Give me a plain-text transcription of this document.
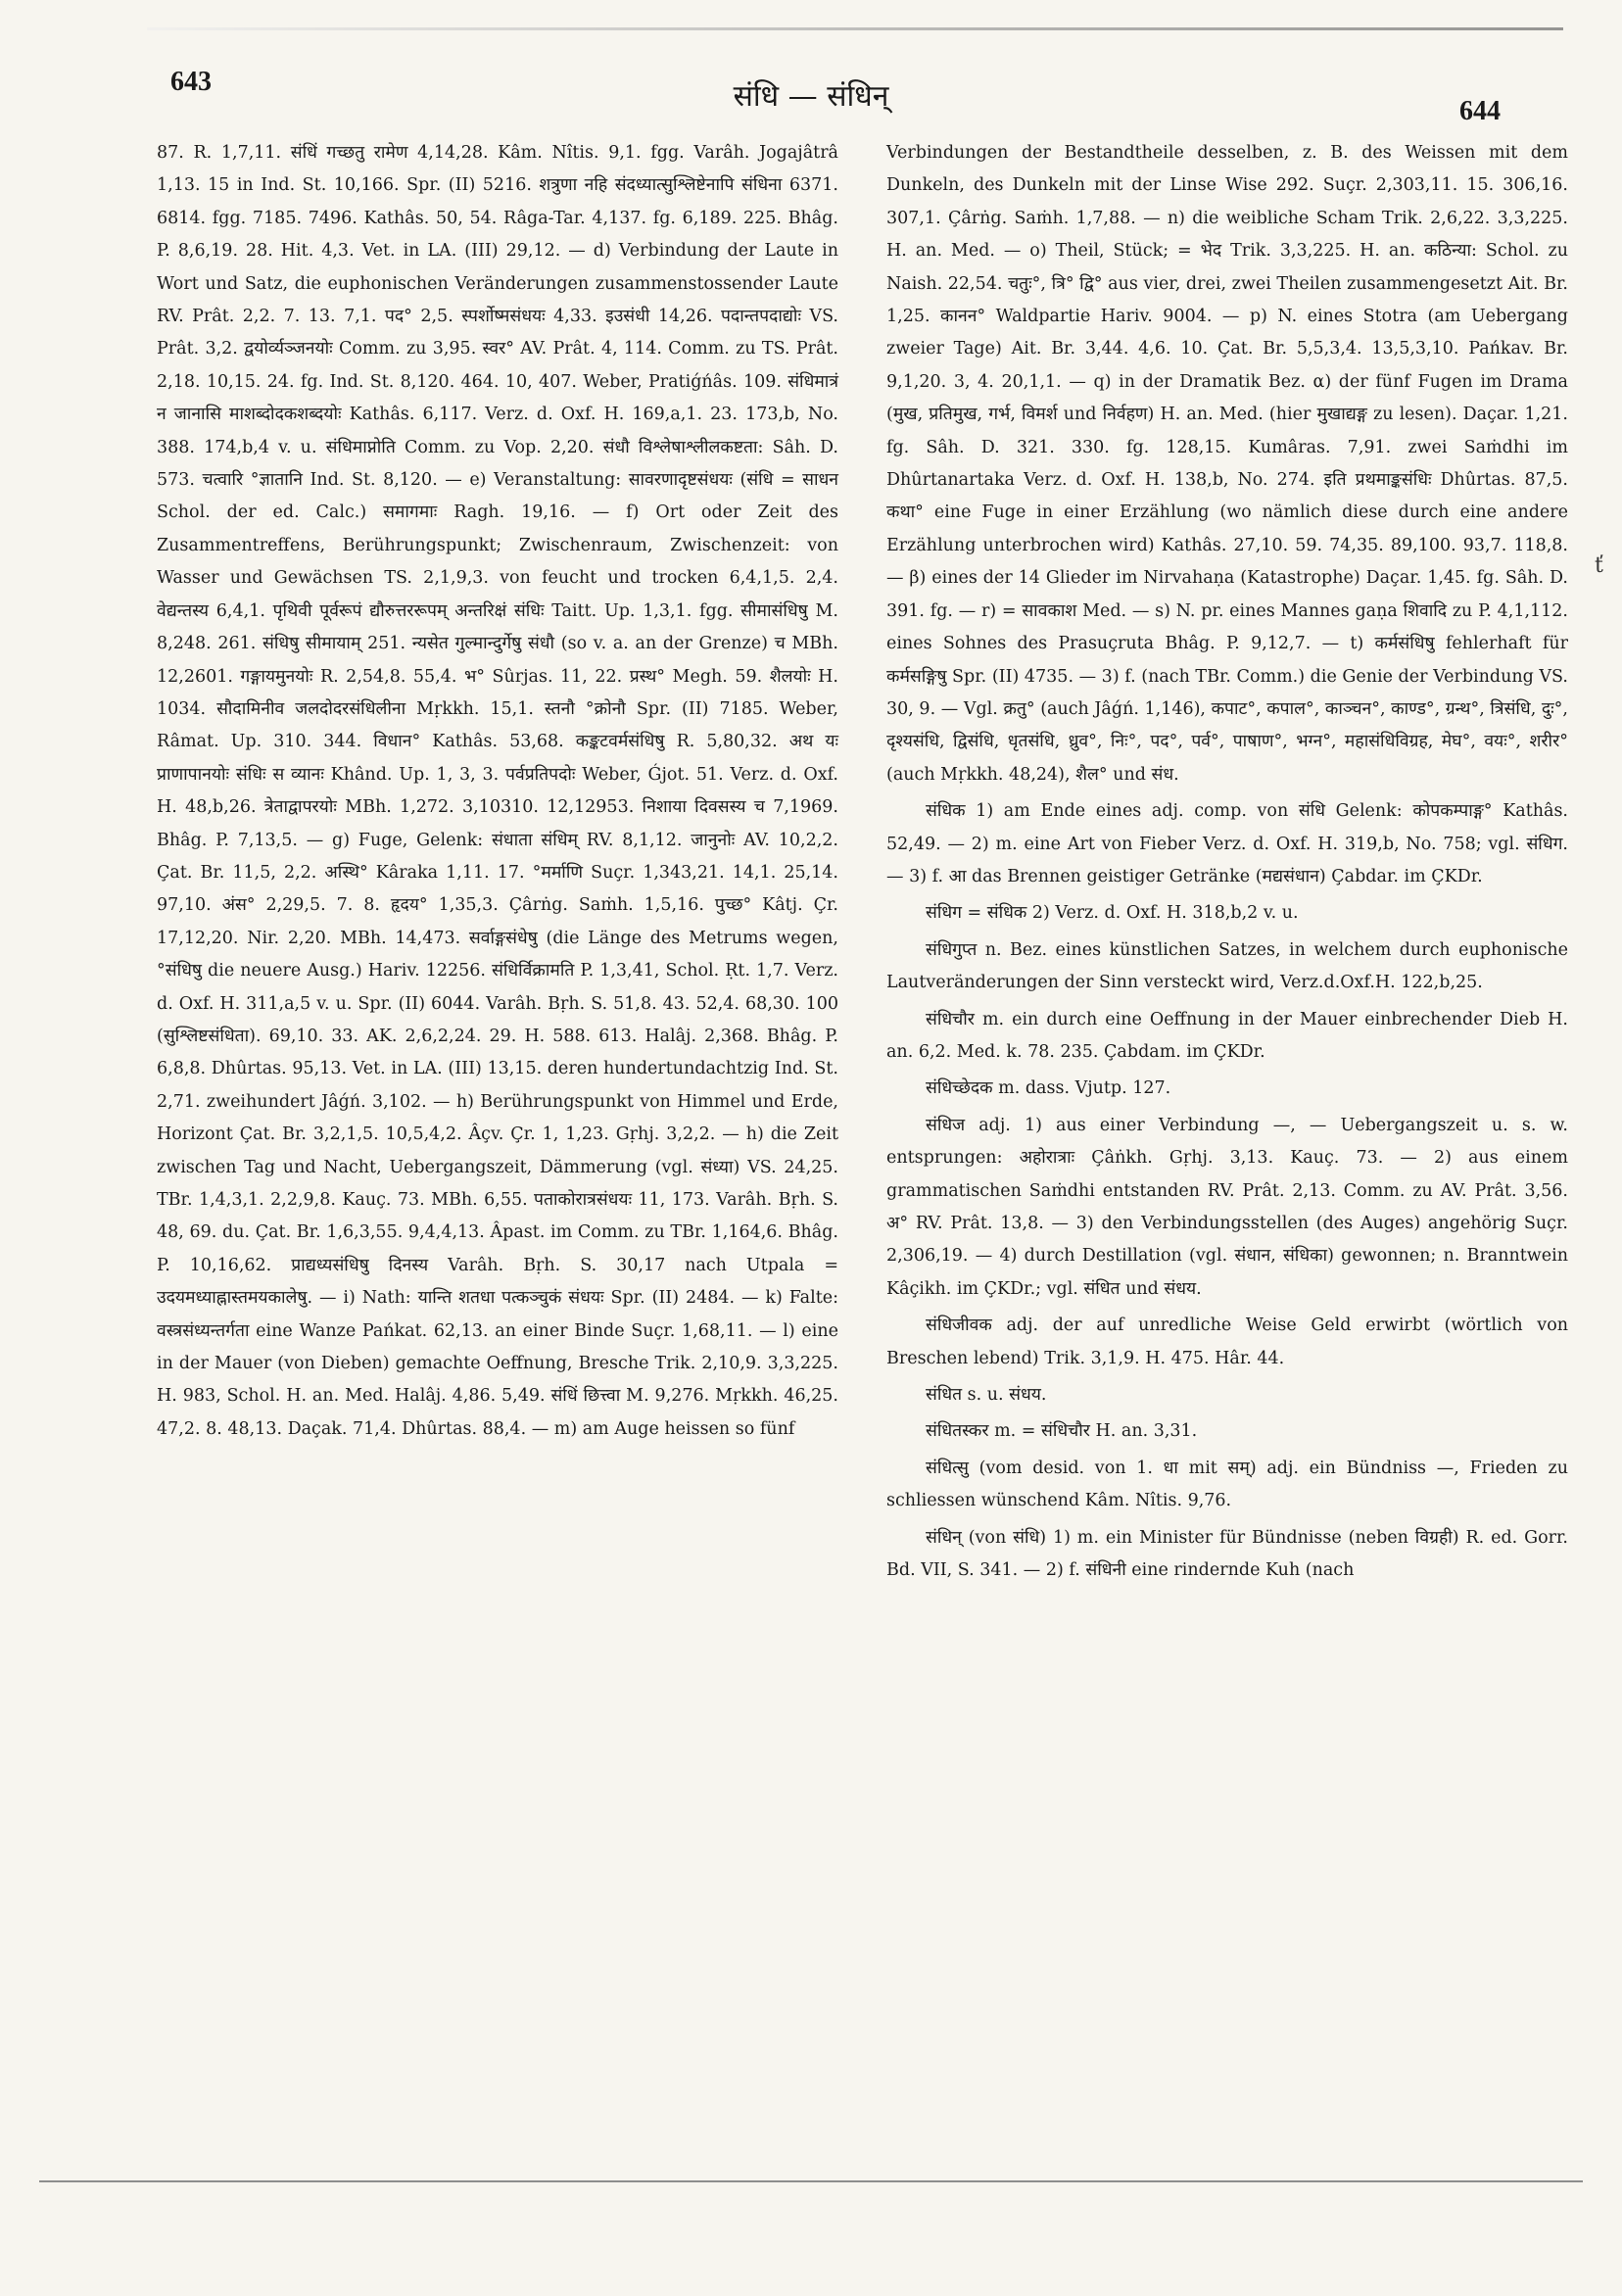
643	संधि — संधिन्	644

87. R. 1,7,11. संधिं गच्छतु रामेण 4,14,28. Kâm. Nîtis. 9,1. fgg. Varâh. Jogajâtrâ 1,13. 15 in Ind. St. 10,166. Spr. (II) 5216. शत्रुणा नहि संदध्यात्सुश्लिष्टेनापि संधिना 6371. 6814. fgg. 7185. 7496. Kathâs. 50, 54. Râga-Tar. 4,137. fg. 6,189. 225. Bhâg. P. 8,6,19. 28. Hit. 4,3. Vet. in LA. (III) 29,12. — d) Verbindung der Laute in Wort und Satz, die euphonischen Veränderungen zusammenstossender Laute RV. Prât. 2,2. 7. 13. 7,1. पद° 2,5. स्पर्शोष्मसंधयः 4,33. इउसंधी 14,26. पदान्तपदाद्योः VS. Prât. 3,2. द्वयोर्व्यञ्जनयोः Comm. zu 3,95. स्वर° AV. Prât. 4, 114. Comm. zu TS. Prât. 2,18. 10,15. 24. fg. Ind. St. 8,120. 464. 10, 407. Weber, Pratiǵńâs. 109. संधिमात्रं न जानासि माशब्दोदकशब्दयोः Kathâs. 6,117. Verz. d. Oxf. H. 169,a,1. 23. 173,b, No. 388. 174,b,4 v. u. संधिमाप्नोति Comm. zu Vop. 2,20. संधौ विश्लेषाश्लीलकष्टता: Sâh. D. 573. चत्वारि °ज्ञातानि Ind. St. 8,120. — e) Veranstaltung: सावरणादृष्टसंधयः (संधि = साधन Schol. der ed. Calc.) समागमाः Ragh. 19,16. — f) Ort oder Zeit des Zusammentreffens, Berührungspunkt; Zwischenraum, Zwischenzeit: von Wasser und Gewächsen TS. 2,1,9,3. von feucht und trocken 6,4,1,5. 2,4. वेद्यन्तस्य 6,4,1. पृथिवी पूर्वरूपं द्यौरुत्तररूपम् अन्तरिक्षं संधिः Taitt. Up. 1,3,1. fgg. सीमासंधिषु M. 8,248. 261. संधिषु सीमायाम् 251. न्यसेत गुल्मान्दुर्गेषु संधौ (so v. a. an der Grenze) च MBh. 12,2601. गङ्गायमुनयोः R. 2,54,8. 55,4. भ° Sûrjas. 11, 22. प्रस्थ° Megh. 59. शैलयोः H. 1034. सौदामिनीव जलदोदरसंधिलीना Mṛkkh. 15,1. स्तनौ °क्रोनौ Spr. (II) 7185. Weber, Râmat. Up. 310. 344. विधान° Kathâs. 53,68. कङ्कटवर्मसंधिषु R. 5,80,32. अथ यः प्राणापानयोः संधिः स व्यानः Khând. Up. 1, 3, 3. पर्वप्रतिपदोः Weber, Ǵjot. 51. Verz. d. Oxf. H. 48,b,26. त्रेताद्वापरयोः MBh. 1,272. 3,10310. 12,12953. निशाया दिवसस्य च 7,1969. Bhâg. P. 7,13,5. — g) Fuge, Gelenk: संधाता संधिम् RV. 8,1,12. जानुनोः AV. 10,2,2. Çat. Br. 11,5, 2,2. अस्थि° Kâraka 1,11. 17. °मर्माणि Suçr. 1,343,21. 14,1. 25,14. 97,10. अंस° 2,29,5. 7. 8. हृदय° 1,35,3. Çârṅg. Saṁh. 1,5,16. पुच्छ° Kâtj. Çr. 17,12,20. Nir. 2,20. MBh. 14,473. सर्वाङ्गसंधेषु (die Länge des Metrums wegen, °संधिषु die neuere Ausg.) Hariv. 12256. संधिर्विक्रामति P. 1,3,41, Schol. Ṛt. 1,7. Verz. d. Oxf. H. 311,a,5 v. u. Spr. (II) 6044. Varâh. Bṛh. S. 51,8. 43. 52,4. 68,30. 100 (सुश्लिष्टसंधिता). 69,10. 33. AK. 2,6,2,24. 29. H. 588. 613. Halâj. 2,368. Bhâg. P. 6,8,8. Dhûrtas. 95,13. Vet. in LA. (III) 13,15. deren hundertundachtzig Ind. St. 2,71. zweihundert Jâǵń. 3,102. — h) Berührungspunkt von Himmel und Erde, Horizont Çat. Br. 3,2,1,5. 10,5,4,2. Âçv. Çr. 1, 1,23. Gṛhj. 3,2,2. — h) die Zeit zwischen Tag und Nacht, Uebergangszeit, Dämmerung (vgl. संध्या) VS. 24,25. TBr. 1,4,3,1. 2,2,9,8. Kauç. 73. MBh. 6,55. पताकोरात्रसंधयः 11, 173. Varâh. Bṛh. S. 48, 69. du. Çat. Br. 1,6,3,55. 9,4,4,13. Âpast. im Comm. zu TBr. 1,164,6. Bhâg. P. 10,16,62. प्राद्यध्यसंधिषु दिनस्य Varâh. Bṛh. S. 30,17 nach Utpala = उदयमध्याह्नास्तमयकालेषु. — i) Nath: यान्ति शतधा पत्कञ्चुकं संधयः Spr. (II) 2484. — k) Falte: वस्त्रसंध्यन्तर्गता eine Wanze Pańkat. 62,13. an einer Binde Suçr. 1,68,11. — l) eine in der Mauer (von Dieben) gemachte Oeffnung, Bresche Trik. 2,10,9. 3,3,225. H. 983, Schol. H. an. Med. Halâj. 4,86. 5,49. संधिं छित्त्वा M. 9,276. Mṛkkh. 46,25. 47,2. 8. 48,13. Daçak. 71,4. Dhûrtas. 88,4. — m) am Auge heissen so fünf

Verbindungen der Bestandtheile desselben, z. B. des Weissen mit dem Dunkeln, des Dunkeln mit der Linse Wise 292. Suçr. 2,303,11. 15. 306,16. 307,1. Çârṅg. Saṁh. 1,7,88. — n) die weibliche Scham Trik. 2,6,22. 3,3,225. H. an. Med. — o) Theil, Stück; = भेद Trik. 3,3,225. H. an. कठिन्या: Schol. zu Naish. 22,54. चतुः°, त्रि° द्वि° aus vier, drei, zwei Theilen zusammengesetzt Ait. Br. 1,25. कानन° Waldpartie Hariv. 9004. — p) N. eines Stotra (am Uebergang zweier Tage) Ait. Br. 3,44. 4,6. 10. Çat. Br. 5,5,3,4. 13,5,3,10. Pańkav. Br. 9,1,20. 3, 4. 20,1,1. — q) in der Dramatik Bez. α) der fünf Fugen im Drama (मुख, प्रतिमुख, गर्भ, विमर्श und निर्वहण) H. an. Med. (hier मुखाद्यङ्ग zu lesen). Daçar. 1,21. fg. Sâh. D. 321. 330. fg. 128,15. Kumâras. 7,91. zwei Saṁdhi im Dhûrtanartaka Verz. d. Oxf. H. 138,b, No. 274. इति प्रथमाङ्कसंधिः Dhûrtas. 87,5. कथा° eine Fuge in einer Erzählung (wo nämlich diese durch eine andere Erzählung unterbrochen wird) Kathâs. 27,10. 59. 74,35. 89,100. 93,7. 118,8. — β) eines der 14 Glieder im Nirvahaṇa (Katastrophe) Daçar. 1,45. fg. Sâh. D. 391. fg. — r) = सावकाश Med. — s) N. pr. eines Mannes gaṇa शिवादि zu P. 4,1,112. eines Sohnes des Prasuçruta Bhâg. P. 9,12,7. — t) कर्मसंधिषु fehlerhaft für कर्मसङ्गिषु Spr. (II) 4735. — 3) f. (nach TBr. Comm.) die Genie der Verbindung VS. 30, 9. — Vgl. क्रतु° (auch Jâǵń. 1,146), कपाट°, कपाल°, काञ्चन°, काण्ड°, ग्रन्थ°, त्रिसंधि, दुः°, दृश्यसंधि, द्विसंधि, धृतसंधि, ध्रुव°, निः°, पद°, पर्व°, पाषाण°, भग्न°, महासंधिविग्रह, मेघ°, वयः°, शरीर° (auch Mṛkkh. 48,24), शैल° und संध.

संधिक 1) am Ende eines adj. comp. von संधि Gelenk: कोपकम्पाङ्ग° Kathâs. 52,49. — 2) m. eine Art von Fieber Verz. d. Oxf. H. 319,b, No. 758; vgl. संधिग. — 3) f. आ das Brennen geistiger Getränke (मद्यसंधान) Çabdar. im ÇKDr.

संधिग = संधिक 2) Verz. d. Oxf. H. 318,b,2 v. u.

संधिगुप्त n. Bez. eines künstlichen Satzes, in welchem durch euphonische Lautveränderungen der Sinn versteckt wird, Verz.d.Oxf.H. 122,b,25.

संधिचौर m. ein durch eine Oeffnung in der Mauer einbrechender Dieb H. an. 6,2. Med. k. 78. 235. Çabdam. im ÇKDr.

संधिच्छेदक m. dass. Vjutp. 127.

संधिज adj. 1) aus einer Verbindung —, — Uebergangszeit u. s. w. entsprungen: अहोरात्राः Çâṅkh. Gṛhj. 3,13. Kauç. 73. — 2) aus einem grammatischen Saṁdhi entstanden RV. Prât. 2,13. Comm. zu AV. Prât. 3,56. अ° RV. Prât. 13,8. — 3) den Verbindungsstellen (des Auges) angehörig Suçr. 2,306,19. — 4) durch Destillation (vgl. संधान, संधिका) gewonnen; n. Branntwein Kâçikh. im ÇKDr.; vgl. संधित und संधय.

संधिजीवक adj. der auf unredliche Weise Geld erwirbt (wörtlich von Breschen lebend) Trik. 3,1,9. H. 475. Hâr. 44.

संधित s. u. संधय.

संधितस्कर m. = संधिचौर H. an. 3,31.

संधित्सु (vom desid. von 1. धा mit सम्) adj. ein Bündniss —, Frieden zu schliessen wünschend Kâm. Nîtis. 9,76.

संधिन् (von संधि) 1) m. ein Minister für Bündnisse (neben विग्रही) R. ed. Gorr. Bd. VII, S. 341. — 2) f. संधिनी eine rindernde Kuh (nach

ť
